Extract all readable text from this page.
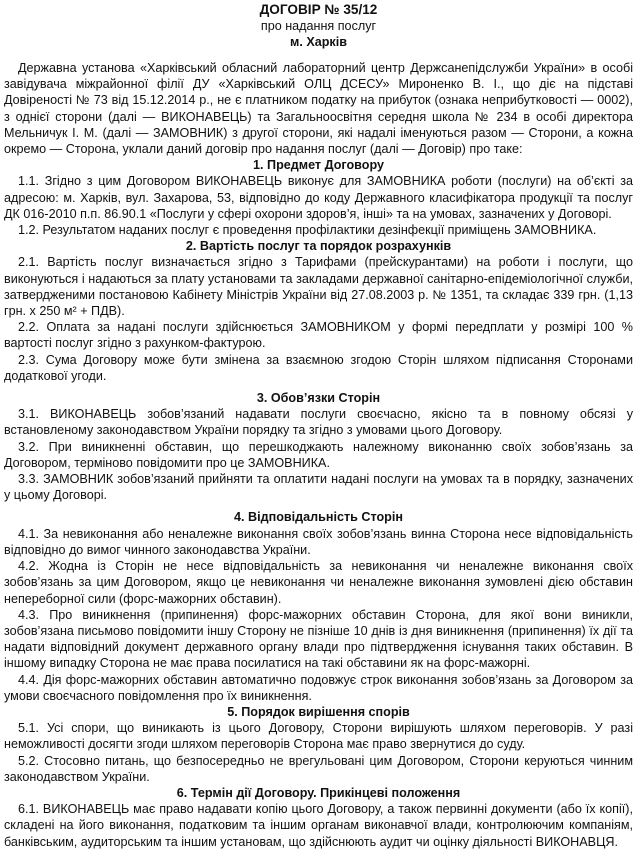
ДОГОВІР № 35/12
про надання послуг
м. Харків

Державна установа «Харківський обласний лабораторний центр Держсанепідслужби України» в особі завідувача міжрайонної філії ДУ «Харківський ОЛЦ ДСЕСУ» Мироненко В. І., що діє на підставі Довіреності № 73 від 15.12.2014 р., не є платником податку на прибуток (ознака неприбутковості — 0002), з однієї сторони (далі — ВИКОНАВЕЦЬ) та Загальноосвітня середня школа № 234 в особі директора Мельничук І. М. (далі — ЗАМОВНИК) з другої сторони, які надалі іменуються разом — Сторони, а кожна окремо — Сторона, уклали даний договір про надання послуг (далі — Договір) про таке:

1. Предмет Договору

1.1. Згідно з цим Договором ВИКОНАВЕЦЬ виконує для ЗАМОВНИКА роботи (послуги) на об’єкті за адресою: м. Харків, вул. Захарова, 53, відповідно до коду Державного класифікатора продукції та послуг ДК 016-2010 п.п. 86.90.1 «Послуги у сфері охорони здоров’я, інші» та на умовах, зазначених у Договорі.

1.2. Результатом наданих послуг є проведення профілактики дезінфекції приміщень ЗАМОВНИКА.

2. Вартість послуг та порядок розрахунків

2.1. Вартість послуг визначається згідно з Тарифами (прейскурантами) на роботи і послуги, що виконуються і надаються за плату установами та закладами державної санітарно-епідеміологічної служби, затвердженими постановою Кабінету Міністрів України від 27.08.2003 р. № 1351, та складає 339 грн. (1,13 грн. х 250 м² + ПДВ).

2.2. Оплата за надані послуги здійснюється ЗАМОВНИКОМ у формі передплати у розмірі 100 % вартості послуг згідно з рахунком-фактурою.

2.3. Сума Договору може бути змінена за взаємною згодою Сторін шляхом підписання Сторонами додаткової угоди.

3. Обов’язки Сторін

3.1. ВИКОНАВЕЦЬ зобов’язаний надавати послуги своєчасно, якісно та в повному обсязі у встановленому законодавством України порядку та згідно з умовами цього Договору.

3.2. При виникненні обставин, що перешкоджають належному виконанню своїх зобов’язань за Договором, терміново повідомити про це ЗАМОВНИКА.

3.3. ЗАМОВНИК зобов’язаний прийняти та оплатити надані послуги на умовах та в порядку, зазначених у цьому Договорі.

4. Відповідальність Сторін

4.1. За невиконання або неналежне виконання своїх зобов’язань винна Сторона несе відповідальність відповідно до вимог чинного законодавства України.

4.2. Жодна із Сторін не несе відповідальність за невиконання чи неналежне виконання своїх зобов’язань за цим Договором, якщо це невиконання чи неналежне виконання зумовлені дією обставин непереборної сили (форс-мажорних обставин).

4.3. Про виникнення (припинення) форс-мажорних обставин Сторона, для якої вони виникли, зобов’язана письмово повідомити іншу Сторону не пізніше 10 днів із дня виникнення (припинення) їх дії та надати відповідний документ державного органу влади про підтвердження існування таких обставин. В іншому випадку Сторона не має права посилатися на такі обставини як на форс-мажорні.

4.4. Дія форс-мажорних обставин автоматично подовжує строк виконання зобов’язань за Договором за умови своєчасного повідомлення про їх виникнення.

5. Порядок вирішення спорів

5.1. Усі спори, що виникають із цього Договору, Сторони вирішують шляхом переговорів. У разі неможливості досягти згоди шляхом переговорів Сторона має право звернутися до суду.

5.2. Стосовно питань, що безпосередньо не врегульовані цим Договором, Сторони керуються чинним законодавством України.

6. Термін дії Договору. Прикінцеві положення

6.1. ВИКОНАВЕЦЬ має право надавати копію цього Договору, а також первинні документи (або їх копії), складені на його виконання, податковим та іншим органам виконавчої влади, контролюючим компаніям, банківським, аудиторським та іншим установам, що здійснюють аудит чи оцінку діяльності ВИКОНАВЦЯ.
